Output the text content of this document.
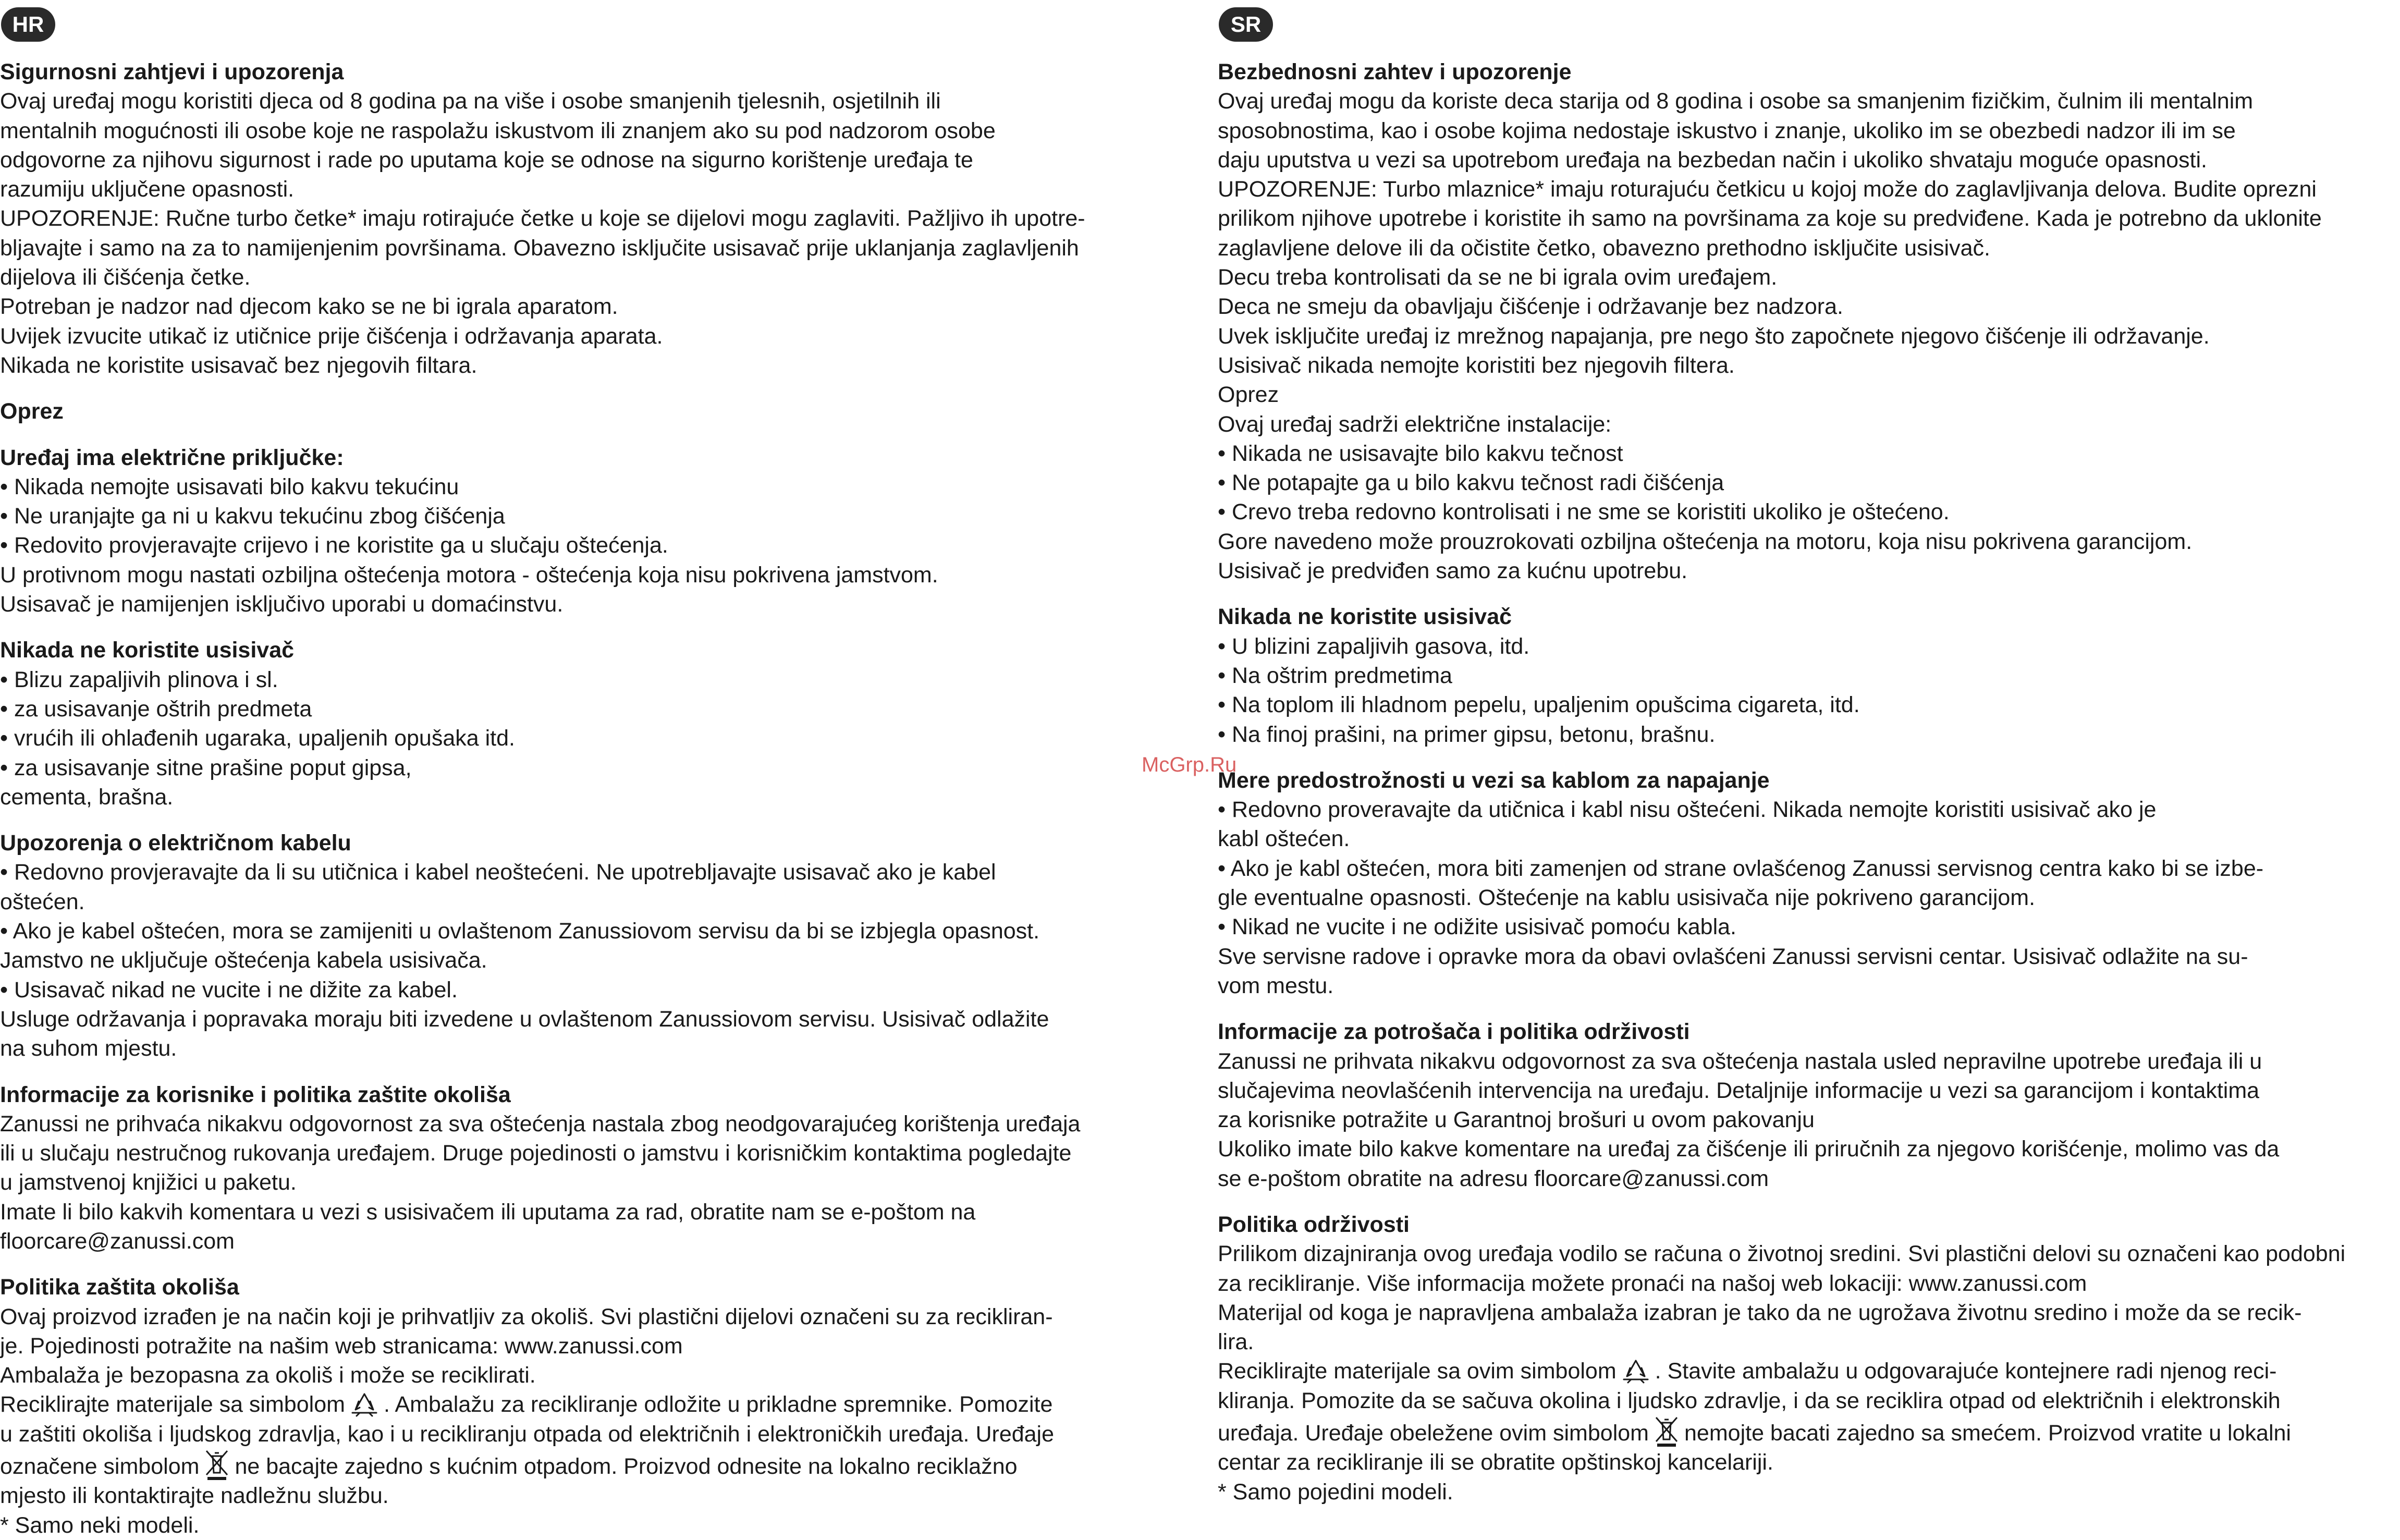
McGrp.Ru
HR
Sigurnosni zahtjevi i upozorenja
Ovaj uređaj mogu koristiti djeca od 8 godina pa na više i osobe smanjenih tjelesnih, osjetilnih ili
mentalnih mogućnosti ili osobe koje ne raspolažu iskustvom ili znanjem ako su pod nadzorom osobe
odgovorne za njihovu sigurnost i rade po uputama koje se odnose na sigurno korištenje uređaja te
razumiju uključene opasnosti.
UPOZORENJE: Ručne turbo četke* imaju rotirajuće četke u koje se dijelovi mogu zaglaviti. Pažljivo ih upotre-
bljavajte i samo na za to namijenjenim površinama. Obavezno isključite usisavač prije uklanjanja zaglavljenih
dijelova ili čišćenja četke.
Potreban je nadzor nad djecom kako se ne bi igrala aparatom.
Uvijek izvucite utikač iz utičnice prije čišćenja i održavanja aparata.
Nikada ne koristite usisavač bez njegovih filtara.
Oprez
Uređaj ima električne priključke:
• Nikada nemojte usisavati bilo kakvu tekućinu
• Ne uranjajte ga ni u kakvu tekućinu zbog čišćenja
• Redovito provjeravajte crijevo i ne koristite ga u slučaju oštećenja.
U protivnom mogu nastati ozbiljna oštećenja motora - oštećenja koja nisu pokrivena jamstvom.
Usisavač je namijenjen isključivo uporabi u domaćinstvu.
Nikada ne koristite usisivač
• Blizu zapaljivih plinova i sl.
• za usisavanje oštrih predmeta
• vrućih ili ohlađenih ugaraka, upaljenih opušaka itd.
• za usisavanje sitne prašine poput gipsa,
cementa, brašna.
Upozorenja o električnom kabelu
• Redovno provjeravajte da li su utičnica i kabel neoštećeni. Ne upotrebljavajte usisavač ako je kabel
oštećen.
• Ako je kabel oštećen, mora se zamijeniti u ovlaštenom Zanussiovom servisu da bi se izbjegla opasnost.
Jamstvo ne uključuje oštećenja kabela usisivača.
• Usisavač nikad ne vucite i ne dižite za kabel.
Usluge održavanja i popravaka moraju biti izvedene u ovlaštenom Zanussiovom servisu. Usisivač odlažite
na suhom mjestu.
Informacije za korisnike i politika zaštite okoliša
Zanussi ne prihvaća nikakvu odgovornost za sva oštećenja nastala zbog neodgovarajućeg korištenja uređaja
ili u slučaju nestručnog rukovanja uređajem. Druge pojedinosti o jamstvu i korisničkim kontaktima pogledajte
u jamstvenoj knjižici u paketu.
Imate li bilo kakvih komentara u vezi s usisivačem ili uputama za rad, obratite nam se e-poštom na
floorcare@zanussi.com
Politika zaštita okoliša
Ovaj proizvod izrađen je na način koji je prihvatljiv za okoliš. Svi plastični dijelovi označeni su za recikliran-
je. Pojedinosti potražite na našim web stranicama: www.zanussi.com
Ambalaža je bezopasna za okoliš i može se reciklirati.
Reciklirajte materijale sa simbolom . Ambalažu za recikliranje odložite u prikladne spremnike. Pomozite
u zaštiti okoliša i ljudskog zdravlja, kao i u recikliranju otpada od električnih i elektroničkih uređaja. Uređaje
označene simbolom ne bacajte zajedno s kućnim otpadom. Proizvod odnesite na lokalno reciklažno
mjesto ili kontaktirajte nadležnu službu.
* Samo neki modeli.
SR
Bezbednosni zahtev i upozorenje
Ovaj uređaj mogu da koriste deca starija od 8 godina i osobe sa smanjenim fizičkim, čulnim ili mentalnim
sposobnostima, kao i osobe kojima nedostaje iskustvo i znanje, ukoliko im se obezbedi nadzor ili im se
daju uputstva u vezi sa upotrebom uređaja na bezbedan način i ukoliko shvataju moguće opasnosti.
UPOZORENJE: Turbo mlaznice* imaju roturajuću četkicu u kojoj može do zaglavljivanja delova. Budite oprezni
prilikom njihove upotrebe i koristite ih samo na površinama za koje su predviđene. Kada je potrebno da uklonite
zaglavljene delove ili da očistite četko, obavezno prethodno isključite usisivač.
Decu treba kontrolisati da se ne bi igrala ovim uređajem.
Deca ne smeju da obavljaju čišćenje i održavanje bez nadzora.
Uvek isključite uređaj iz mrežnog napajanja, pre nego što započnete njegovo čišćenje ili održavanje.
Usisivač nikada nemojte koristiti bez njegovih filtera.
Oprez
Ovaj uređaj sadrži električne instalacije:
• Nikada ne usisavajte bilo kakvu tečnost
• Ne potapajte ga u bilo kakvu tečnost radi čišćenja
• Crevo treba redovno kontrolisati i ne sme se koristiti ukoliko je oštećeno.
Gore navedeno može prouzrokovati ozbiljna oštećenja na motoru, koja nisu pokrivena garancijom.
Usisivač je predviđen samo za kućnu upotrebu.
Nikada ne koristite usisivač
• U blizini zapaljivih gasova, itd.
• Na oštrim predmetima
• Na toplom ili hladnom pepelu, upaljenim opušcima cigareta, itd.
• Na finoj prašini, na primer gipsu, betonu, brašnu.
Mere predostrožnosti u vezi sa kablom za napajanje
• Redovno proveravajte da utičnica i kabl nisu oštećeni. Nikada nemojte koristiti usisivač ako je
kabl oštećen.
• Ako je kabl oštećen, mora biti zamenjen od strane ovlašćenog Zanussi servisnog centra kako bi se izbe-
gle eventualne opasnosti. Oštećenje na kablu usisivača nije pokriveno garancijom.
• Nikad ne vucite i ne odižite usisivač pomoću kabla.
Sve servisne radove i opravke mora da obavi ovlašćeni Zanussi servisni centar. Usisivač odlažite na su-
vom mestu.
Informacije za potrošača i politika održivosti
Zanussi ne prihvata nikakvu odgovornost za sva oštećenja nastala usled nepravilne upotrebe uređaja ili u
slučajevima neovlašćenih intervencija na uređaju. Detaljnije informacije u vezi sa garancijom i kontaktima
za korisnike potražite u Garantnoj brošuri u ovom pakovanju
Ukoliko imate bilo kakve komentare na uređaj za čišćenje ili priručnih za njegovo korišćenje, molimo vas da
se e-poštom obratite na adresu floorcare@zanussi.com
Politika održivosti
Prilikom dizajniranja ovog uređaja vodilo se računa o životnoj sredini. Svi plastični delovi su označeni kao podobni
za recikliranje. Više informacija možete pronaći na našoj web lokaciji: www.zanussi.com
Materijal od koga je napravljena ambalaža izabran je tako da ne ugrožava životnu sredino i može da se recik-
lira.
Reciklirajte materijale sa ovim simbolom . Stavite ambalažu u odgovarajuće kontejnere radi njenog reci-
kliranja. Pomozite da se sačuva okolina i ljudsko zdravlje, i da se reciklira otpad od električnih i elektronskih
uređaja. Uređaje obeležene ovim simbolom nemojte bacati zajedno sa smećem. Proizvod vratite u lokalni
centar za recikliranje ili se obratite opštinskoj kancelariji.
* Samo pojedini modeli.
